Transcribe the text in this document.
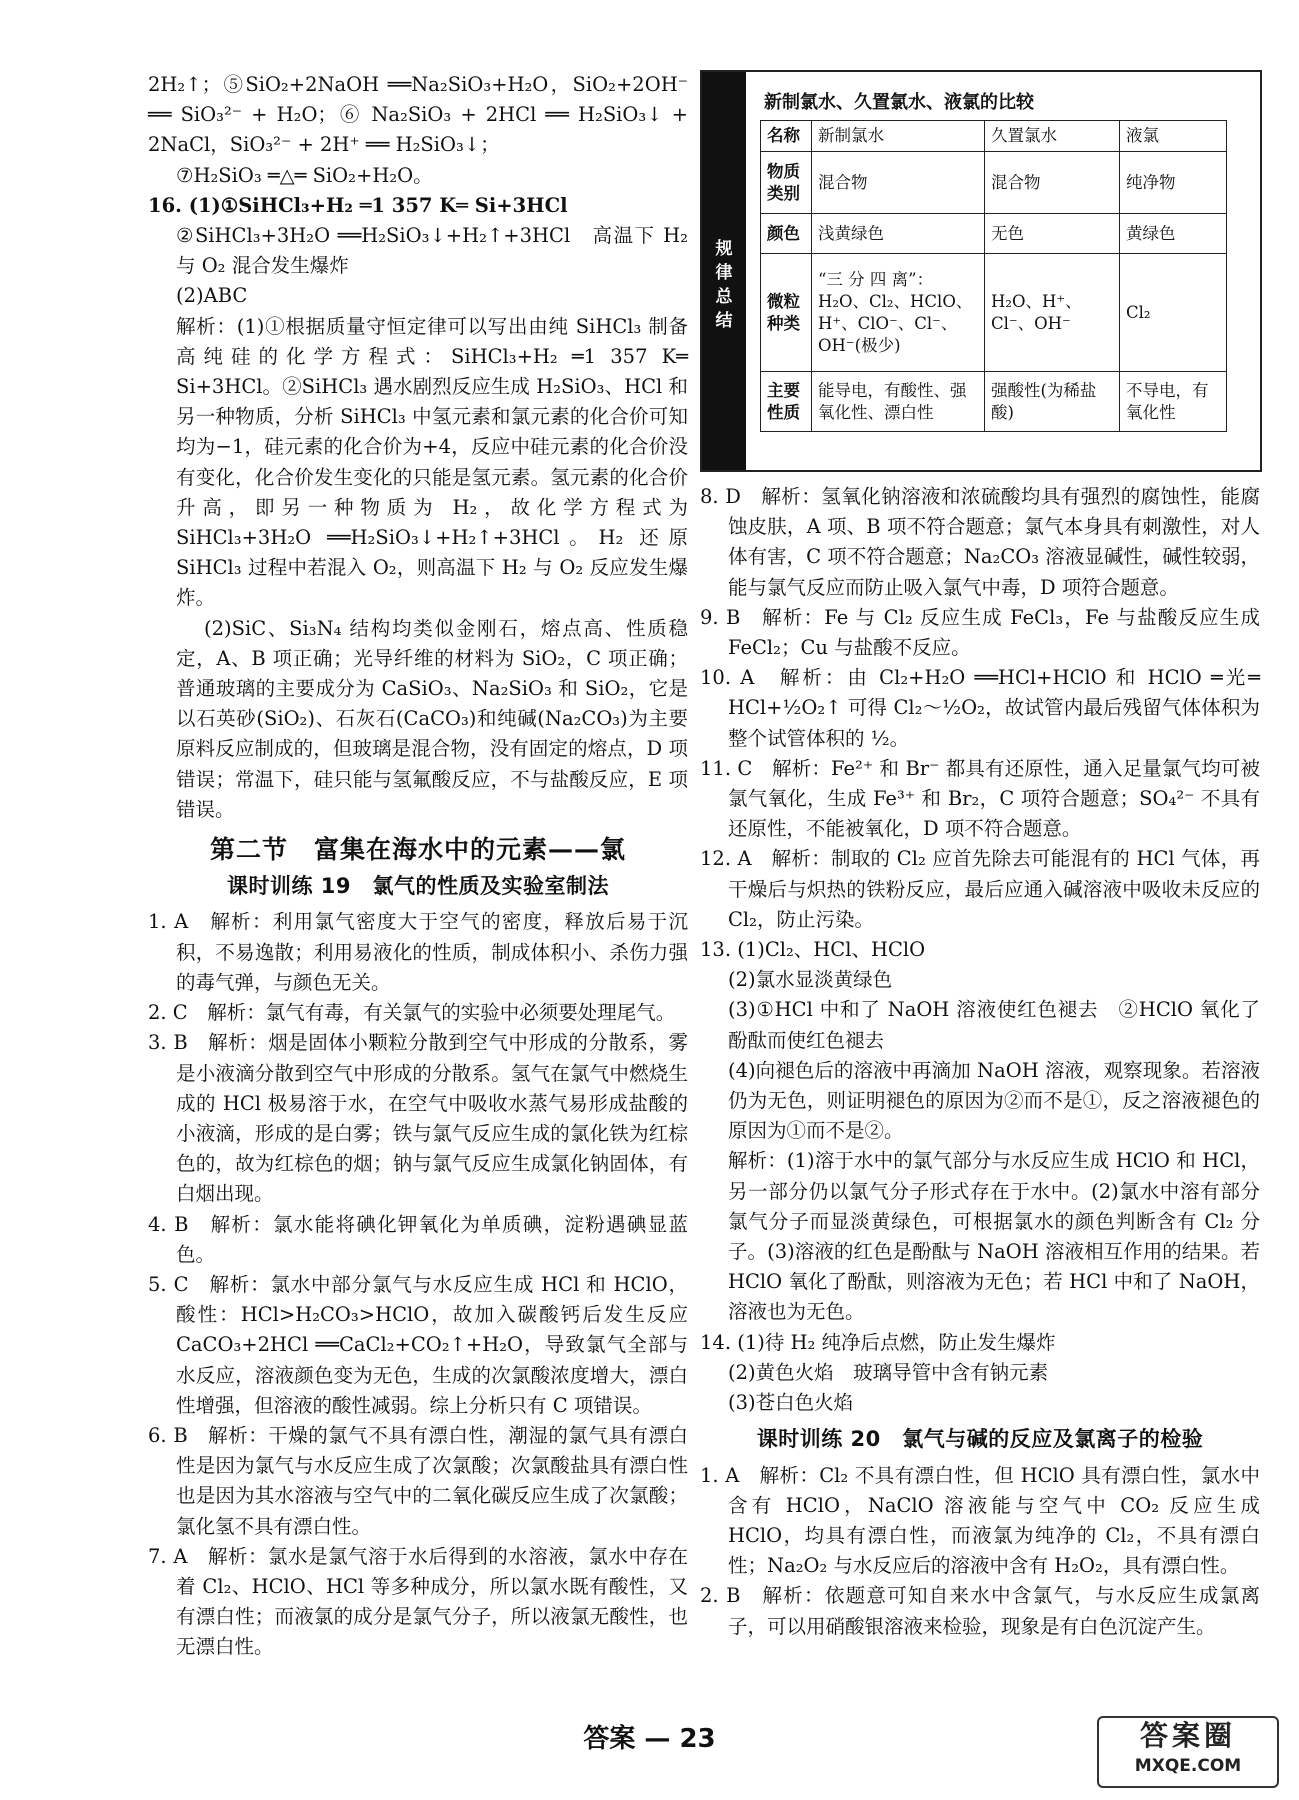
2H₂↑；⑤SiO₂+2NaOH ══Na₂SiO₃+H₂O，SiO₂+2OH⁻ ══ SiO₃²⁻ + H₂O；⑥ Na₂SiO₃ + 2HCl ══ H₂SiO₃↓ + 2NaCl，SiO₃²⁻ + 2H⁺ ══ H₂SiO₃↓；

⑦H₂SiO₃ ═△═ SiO₂+H₂O。

16. (1)①SiHCl₃+H₂ ═1 357 K═ Si+3HCl

②SiHCl₃+3H₂O ══H₂SiO₃↓+H₂↑+3HCl　高温下 H₂ 与 O₂ 混合发生爆炸

(2)ABC

解析：(1)①根据质量守恒定律可以写出由纯 SiHCl₃ 制备高纯硅的化学方程式：SiHCl₃+H₂ ═1 357 K═ Si+3HCl。②SiHCl₃ 遇水剧烈反应生成 H₂SiO₃、HCl 和另一种物质，分析 SiHCl₃ 中氢元素和氯元素的化合价可知均为−1，硅元素的化合价为+4，反应中硅元素的化合价没有变化，化合价发生变化的只能是氢元素。氢元素的化合价升高，即另一种物质为 H₂，故化学方程式为 SiHCl₃+3H₂O ══H₂SiO₃↓+H₂↑+3HCl。H₂ 还原 SiHCl₃ 过程中若混入 O₂，则高温下 H₂ 与 O₂ 反应发生爆炸。

(2)SiC、Si₃N₄ 结构均类似金刚石，熔点高、性质稳定，A、B 项正确；光导纤维的材料为 SiO₂，C 项正确；普通玻璃的主要成分为 CaSiO₃、Na₂SiO₃ 和 SiO₂，它是以石英砂(SiO₂)、石灰石(CaCO₃)和纯碱(Na₂CO₃)为主要原料反应制成的，但玻璃是混合物，没有固定的熔点，D 项错误；常温下，硅只能与氢氟酸反应，不与盐酸反应，E 项错误。

第二节　富集在海水中的元素——氯
课时训练 19　氯气的性质及实验室制法

1. A　解析：利用氯气密度大于空气的密度，释放后易于沉积，不易逸散；利用易液化的性质，制成体积小、杀伤力强的毒气弹，与颜色无关。

2. C　解析：氯气有毒，有关氯气的实验中必须要处理尾气。

3. B　解析：烟是固体小颗粒分散到空气中形成的分散系，雾是小液滴分散到空气中形成的分散系。氢气在氯气中燃烧生成的 HCl 极易溶于水，在空气中吸收水蒸气易形成盐酸的小液滴，形成的是白雾；铁与氯气反应生成的氯化铁为红棕色的，故为红棕色的烟；钠与氯气反应生成氯化钠固体，有白烟出现。

4. B　解析：氯水能将碘化钾氧化为单质碘，淀粉遇碘显蓝色。

5. C　解析：氯水中部分氯气与水反应生成 HCl 和 HClO，酸性：HCl>H₂CO₃>HClO，故加入碳酸钙后发生反应 CaCO₃+2HCl ══CaCl₂+CO₂↑+H₂O，导致氯气全部与水反应，溶液颜色变为无色，生成的次氯酸浓度增大，漂白性增强，但溶液的酸性减弱。综上分析只有 C 项错误。

6. B　解析：干燥的氯气不具有漂白性，潮湿的氯气具有漂白性是因为氯气与水反应生成了次氯酸；次氯酸盐具有漂白性也是因为其水溶液与空气中的二氧化碳反应生成了次氯酸；氯化氢不具有漂白性。

7. A　解析：氯水是氯气溶于水后得到的水溶液，氯水中存在着 Cl₂、HClO、HCl 等多种成分，所以氯水既有酸性，又有漂白性；而液氯的成分是氯气分子，所以液氯无酸性，也无漂白性。

规律总结
新制氯水、久置氯水、液氯的比较
名称	新制氯水	久置氯水	液氯
物质类别	混合物	混合物	纯净物
颜色	浅黄绿色	无色	黄绿色
微粒种类	“三 分 四 离”：H₂O、Cl₂、HClO、H⁺、ClO⁻、Cl⁻、OH⁻(极少)	H₂O、H⁺、Cl⁻、OH⁻	Cl₂
主要性质	能导电，有酸性、强氧化性、漂白性	强酸性(为稀盐酸)	不导电，有氧化性

8. D　解析：氢氧化钠溶液和浓硫酸均具有强烈的腐蚀性，能腐蚀皮肤，A 项、B 项不符合题意；氯气本身具有刺激性，对人体有害，C 项不符合题意；Na₂CO₃ 溶液显碱性，碱性较弱，能与氯气反应而防止吸入氯气中毒，D 项符合题意。

9. B　解析：Fe 与 Cl₂ 反应生成 FeCl₃，Fe 与盐酸反应生成 FeCl₂；Cu 与盐酸不反应。

10. A　解析：由 Cl₂+H₂O ══HCl+HClO 和 HClO ═光═ HCl+½O₂↑ 可得 Cl₂～½O₂，故试管内最后残留气体体积为整个试管体积的 ½。

11. C　解析：Fe²⁺ 和 Br⁻ 都具有还原性，通入足量氯气均可被氯气氧化，生成 Fe³⁺ 和 Br₂，C 项符合题意；SO₄²⁻ 不具有还原性，不能被氧化，D 项不符合题意。

12. A　解析：制取的 Cl₂ 应首先除去可能混有的 HCl 气体，再干燥后与炽热的铁粉反应，最后应通入碱溶液中吸收未反应的 Cl₂，防止污染。

13. (1)Cl₂、HCl、HClO

(2)氯水显淡黄绿色

(3)①HCl 中和了 NaOH 溶液使红色褪去　②HClO 氧化了酚酞而使红色褪去

(4)向褪色后的溶液中再滴加 NaOH 溶液，观察现象。若溶液仍为无色，则证明褪色的原因为②而不是①，反之溶液褪色的原因为①而不是②。

解析：(1)溶于水中的氯气部分与水反应生成 HClO 和 HCl，另一部分仍以氯气分子形式存在于水中。(2)氯水中溶有部分氯气分子而显淡黄绿色，可根据氯水的颜色判断含有 Cl₂ 分子。(3)溶液的红色是酚酞与 NaOH 溶液相互作用的结果。若 HClO 氧化了酚酞，则溶液为无色；若 HCl 中和了 NaOH，溶液也为无色。

14. (1)待 H₂ 纯净后点燃，防止发生爆炸

(2)黄色火焰　玻璃导管中含有钠元素

(3)苍白色火焰

课时训练 20　氯气与碱的反应及氯离子的检验

1. A　解析：Cl₂ 不具有漂白性，但 HClO 具有漂白性，氯水中含有 HClO，NaClO 溶液能与空气中 CO₂ 反应生成 HClO，均具有漂白性，而液氯为纯净的 Cl₂，不具有漂白性；Na₂O₂ 与水反应后的溶液中含有 H₂O₂，具有漂白性。

2. B　解析：依题意可知自来水中含氯气，与水反应生成氯离子，可以用硝酸银溶液来检验，现象是有白色沉淀产生。

答案 — 23	答案圈
MXQE.COM
